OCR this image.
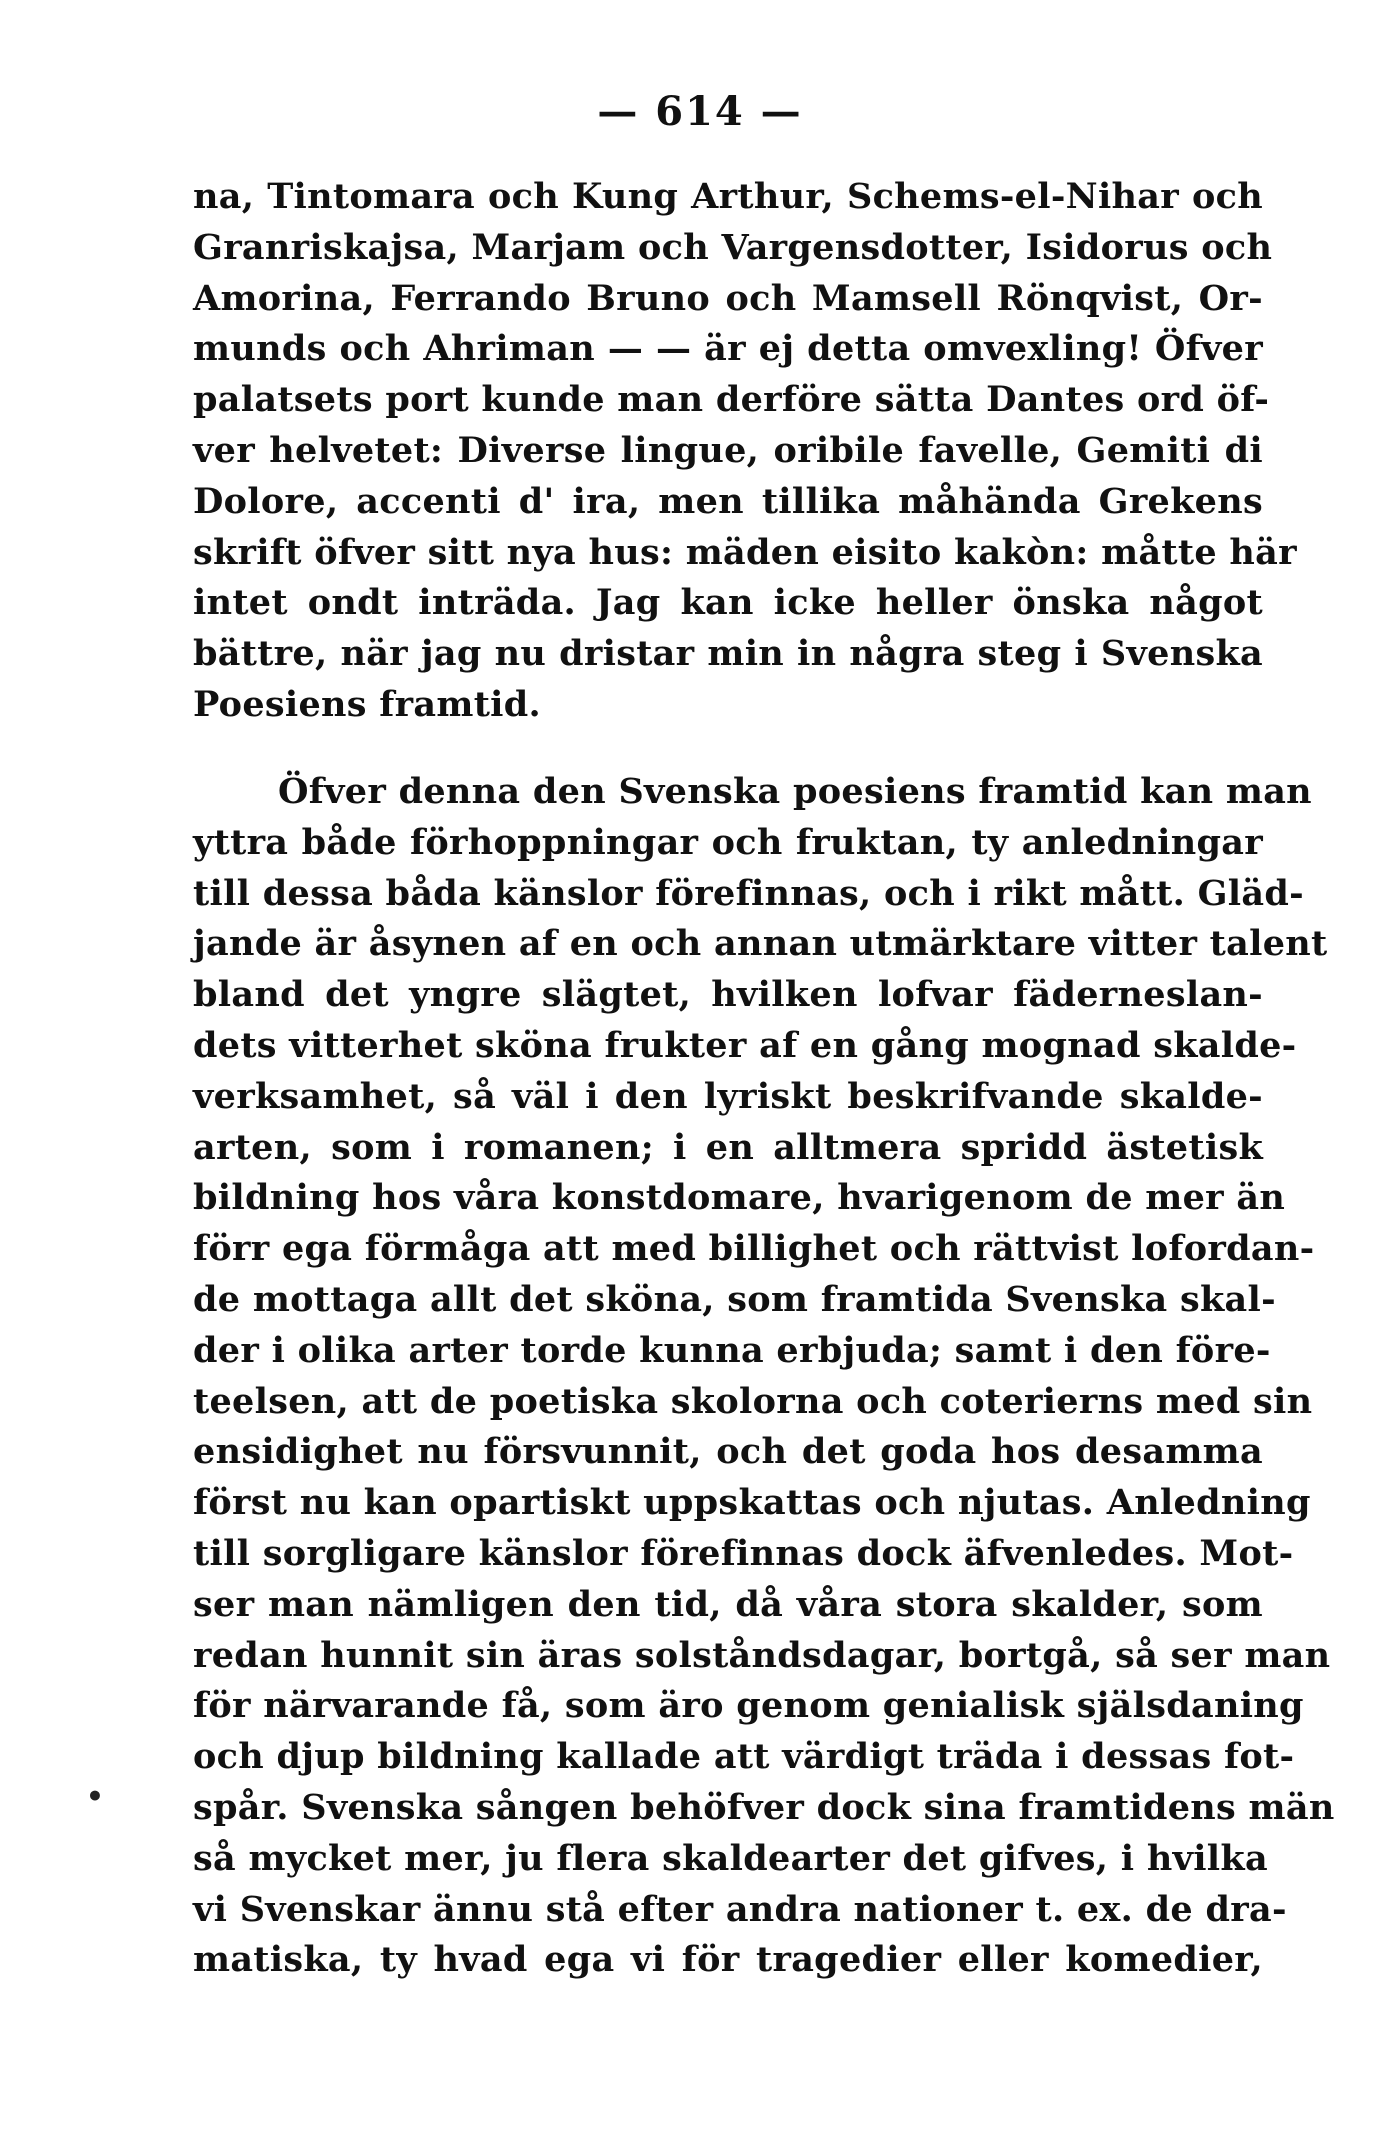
— 614 —
na, Tintomara och Kung Arthur, Schems-el-Nihar och
Granriskajsa, Marjam och Vargensdotter, Isidorus och
Amorina, Ferrando Bruno och Mamsell Rönqvist, Or-
munds och Ahriman — — är ej detta omvexling! Öfver
palatsets port kunde man derföre sätta Dantes ord öf-
ver helvetet: Diverse lingue, oribile favelle, Gemiti di
Dolore, accenti d' ira, men tillika måhända Grekens
skrift öfver sitt nya hus: mäden eisito kakòn: måtte här
intet ondt inträda. Jag kan icke heller önska något
bättre, när jag nu dristar min in några steg i Svenska
Poesiens framtid.
Öfver denna den Svenska poesiens framtid kan man
yttra både förhoppningar och fruktan, ty anledningar
till dessa båda känslor förefinnas, och i rikt mått. Gläd-
jande är åsynen af en och annan utmärktare vitter talent
bland det yngre slägtet, hvilken lofvar fäderneslan-
dets vitterhet sköna frukter af en gång mognad skalde-
verksamhet, så väl i den lyriskt beskrifvande skalde-
arten, som i romanen; i en alltmera spridd ästetisk
bildning hos våra konstdomare, hvarigenom de mer än
förr ega förmåga att med billighet och rättvist lofordan-
de mottaga allt det sköna, som framtida Svenska skal-
der i olika arter torde kunna erbjuda; samt i den före-
teelsen, att de poetiska skolorna och coterierns med sin
ensidighet nu försvunnit, och det goda hos desamma
först nu kan opartiskt uppskattas och njutas. Anledning
till sorgligare känslor förefinnas dock äfvenledes. Mot-
ser man nämligen den tid, då våra stora skalder, som
redan hunnit sin äras solståndsdagar, bortgå, så ser man
för närvarande få, som äro genom genialisk själsdaning
och djup bildning kallade att värdigt träda i dessas fot-
spår. Svenska sången behöfver dock sina framtidens män
så mycket mer, ju flera skaldearter det gifves, i hvilka
vi Svenskar ännu stå efter andra nationer t. ex. de dra-
matiska, ty hvad ega vi för tragedier eller komedier,
•
